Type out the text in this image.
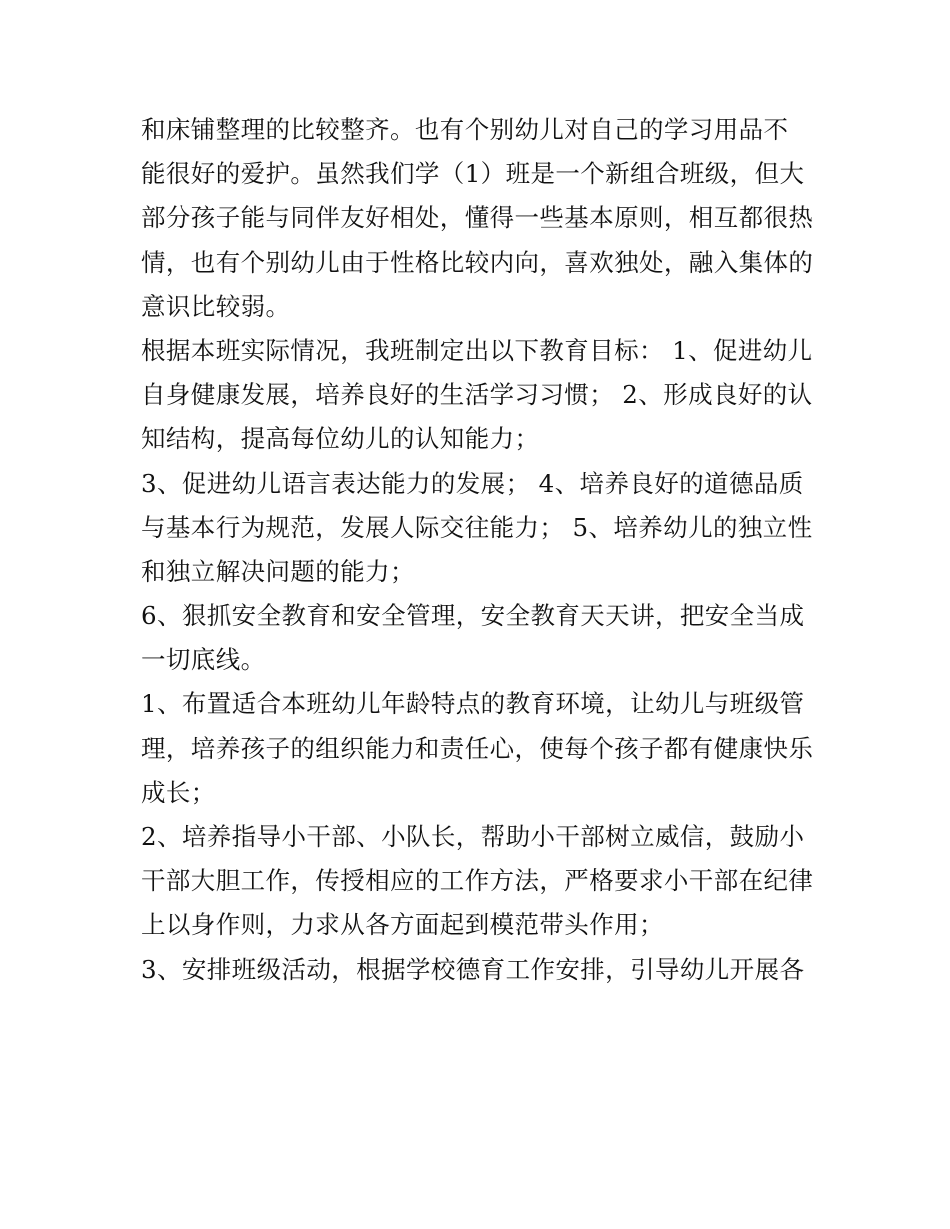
和床铺整理的比较整齐。也有个别幼儿对自己的学习用品不
能很好的爱护。虽然我们学（1）班是一个新组合班级，但大
部分孩子能与同伴友好相处，懂得一些基本原则，相互都很热
情，也有个别幼儿由于性格比较内向，喜欢独处，融入集体的
意识比较弱。
根据本班实际情况，我班制定出以下教育目标： 1、促进幼儿
自身健康发展，培养良好的生活学习习惯； 2、形成良好的认
知结构，提高每位幼儿的认知能力；
3、促进幼儿语言表达能力的发展； 4、培养良好的道德品质
与基本行为规范，发展人际交往能力； 5、培养幼儿的独立性
和独立解决问题的能力；
6、狠抓安全教育和安全管理，安全教育天天讲，把安全当成
一切底线。
1、布置适合本班幼儿年龄特点的教育环境，让幼儿与班级管
理，培养孩子的组织能力和责任心，使每个孩子都有健康快乐
成长；
2、培养指导小干部、小队长，帮助小干部树立威信，鼓励小
干部大胆工作，传授相应的工作方法，严格要求小干部在纪律
上以身作则，力求从各方面起到模范带头作用；
3、安排班级活动，根据学校德育工作安排，引导幼儿开展各
